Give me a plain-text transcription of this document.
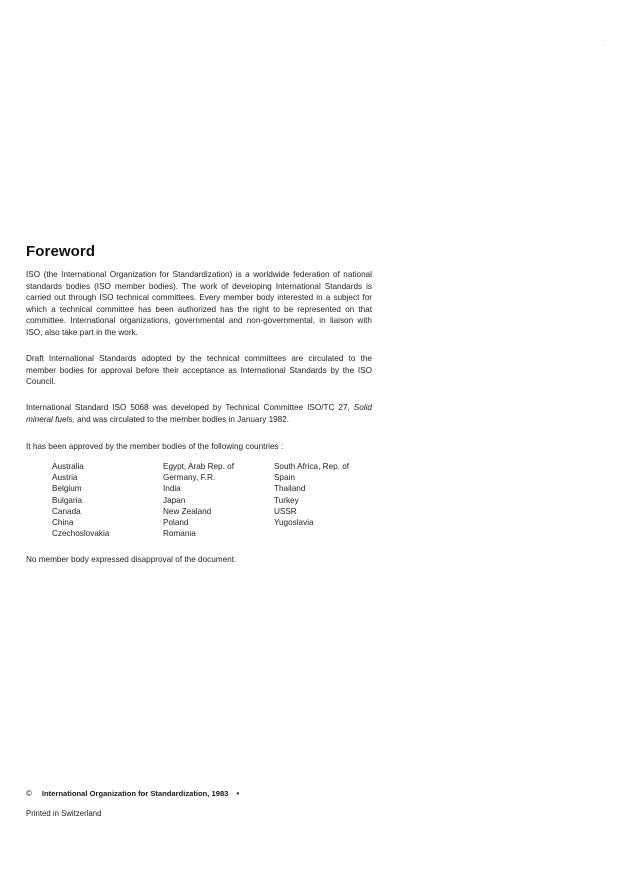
Foreword

ISO (the International Organization for Standardization) is a worldwide federation of national standards bodies (ISO member bodies). The work of developing International Standards is carried out through ISO technical committees. Every member body interested in a subject for which a technical committee has been authorized has the right to be represented on that committee. International organizations, governmental and non-governmental, in liaison with ISO, also take part in the work.

Draft International Standards adopted by the technical committees are circulated to the member bodies for approval before their acceptance as International Standards by the ISO Council.

International Standard ISO 5068 was developed by Technical Committee ISO/TC 27, Solid mineral fuels, and was circulated to the member bodies in January 1982.

It has been approved by the member bodies of the following countries :

Australia
Austria
Belgium
Bulgaria
Canada
China
Czechoslovakia
Egypt, Arab Rep. of
Germany, F.R.
India
Japan
New Zealand
Poland
Romania
South Africa, Rep. of
Spain
Thailand
Turkey
USSR
Yugoslavia

No member body expressed disapproval of the document.

© International Organization for Standardization, 1983 •
Printed in Switzerland
